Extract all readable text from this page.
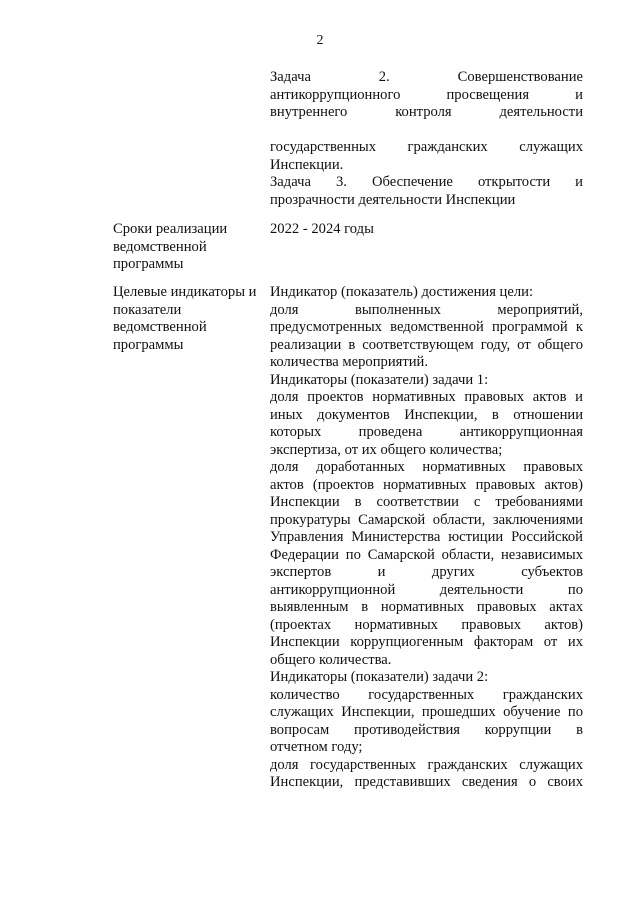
2

Задача 2. Совершенствование

антикоррупционного просвещения и

внутреннего контроля деятельности

государственных гражданских служащих

Инспекции.

Задача 3. Обеспечение открытости и

прозрачности деятельности Инспекции

Сроки реализации

ведомственной

программы

2022 - 2024 годы

Целевые индикаторы и

показатели

ведомственной

программы

Индикатор (показатель) достижения цели:

доля выполненных мероприятий,

предусмотренных ведомственной программой к

реализации в соответствующем году, от общего

количества мероприятий.

Индикаторы (показатели) задачи 1:

доля проектов нормативных правовых актов и

иных документов Инспекции, в отношении

которых проведена антикоррупционная

экспертиза, от их общего количества;

доля доработанных нормативных правовых

актов (проектов нормативных правовых актов)

Инспекции в соответствии с требованиями

прокуратуры Самарской области, заключениями

Управления Министерства юстиции Российской

Федерации по Самарской области, независимых

экспертов и других субъектов

антикоррупционной деятельности по

выявленным в нормативных правовых актах

(проектах нормативных правовых актов)

Инспекции коррупциогенным факторам от их

общего количества.

Индикаторы (показатели) задачи 2:

количество государственных гражданских

служащих Инспекции, прошедших обучение по

вопросам противодействия коррупции в

отчетном году;

доля государственных гражданских служащих

Инспекции, представивших сведения о своих
